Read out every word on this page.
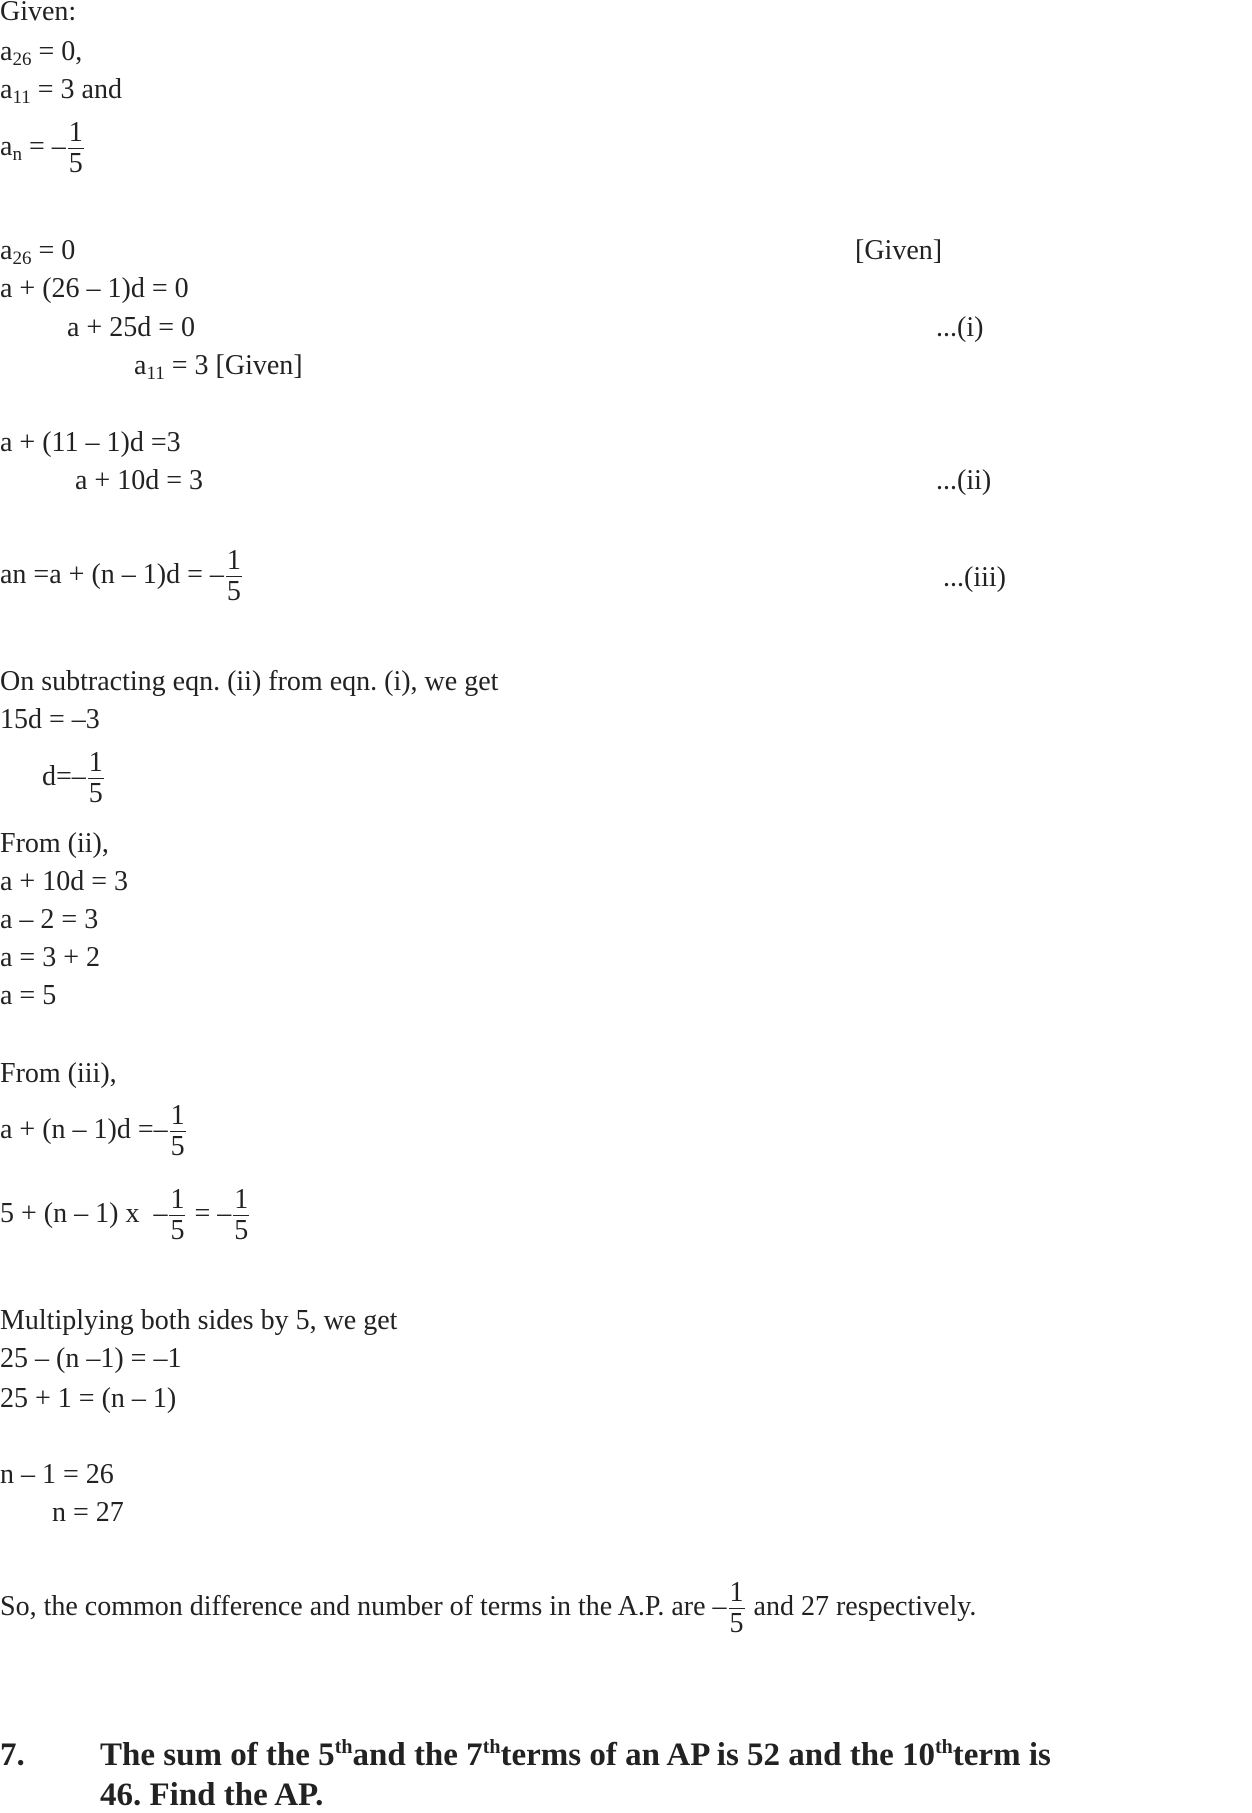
Given:
$a_{26} = 0$,
$a_{11} = 3$ and
$a_n$ = – $\frac{1}{5}$
$a_{26} = 0$	[Given]
a + (26 – 1)d = 0
a + 25d = 0	...(i)
$a_{11} = 3$ [Given]
a + (11 – 1)d =3
a + 10d = 3	...(ii)
an =a + (n – 1)d = – $\frac{1}{5}$	...(iii)
On subtracting eqn. (ii) from eqn. (i), we get
15d = –3
$d=- \frac{1}{5}$
From (ii),
a + 10d = 3
a – 2 = 3
a = 3 + 2
a = 5
From (iii),
$a + (n - 1)d =- \frac{1}{5}$
5 + (n – 1) x  – $\frac{1}{5}$ = – $\frac{1}{5}$
Multiplying both sides by 5, we get
25 – (n –1) = –1
25 + 1 = (n – 1)
n – 1 = 26
n = 27
So, the common difference and number of terms in the A.P. are – $\frac{1}{5}$ and 27 respectively.
7. The sum of the 5thand the 7thterms of an AP is 52 and the 10thterm is
46. Find the AP.
